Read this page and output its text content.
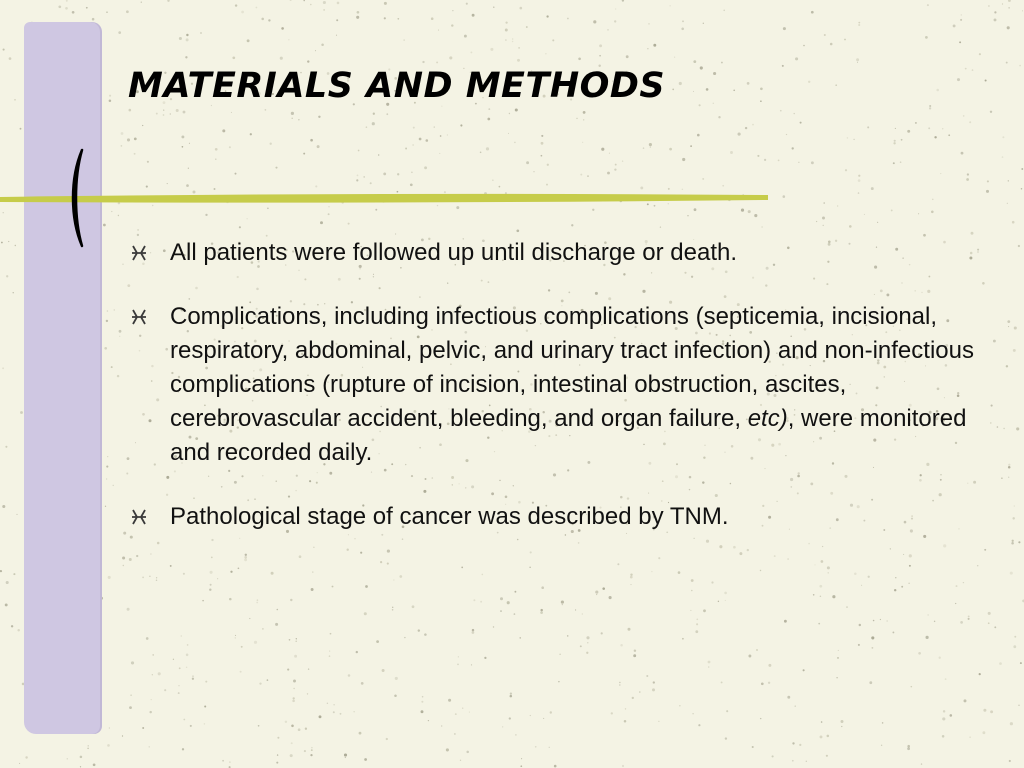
MATERIALS AND METHODS
All patients were followed up until discharge or death.
Complications, including infectious complications (septicemia, incisional, respiratory, abdominal, pelvic, and urinary tract infection) and non-infectious complications (rupture of incision, intestinal obstruction, ascites, cerebrovascular accident, bleeding, and organ failure, etc), were monitored and recorded daily.
Pathological stage of cancer was described by TNM.
